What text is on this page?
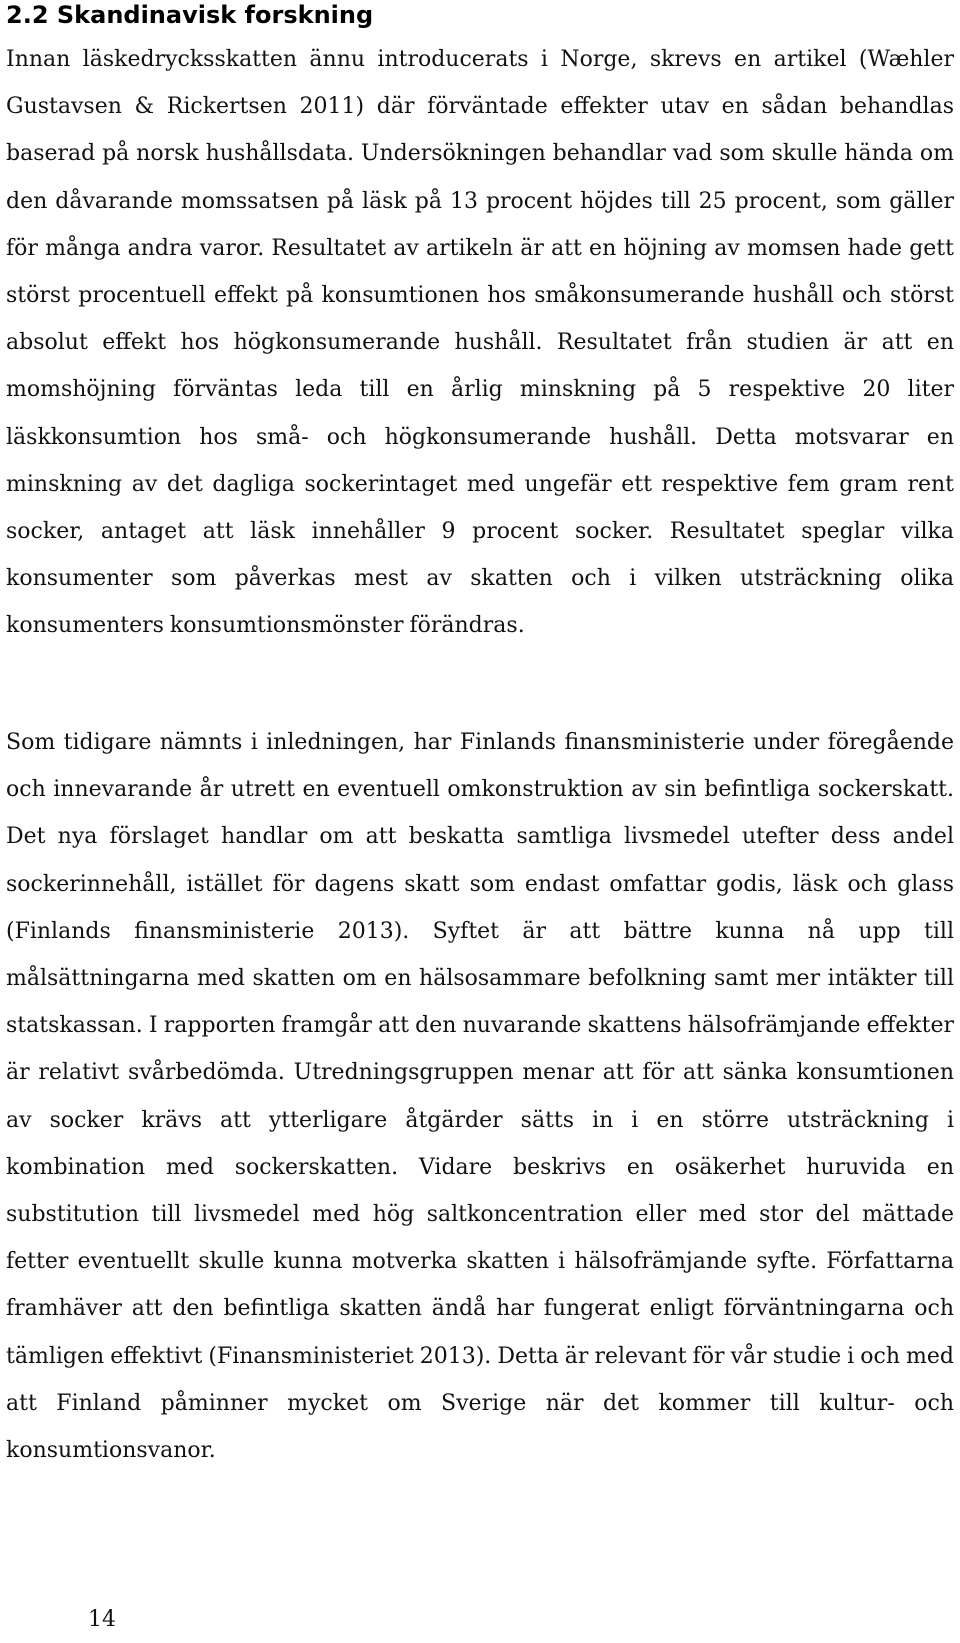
2.2 Skandinavisk forskning

Innan läskedrycksskatten ännu introducerats i Norge, skrevs en artikel (Wæhler Gustavsen & Rickertsen 2011) där förväntade effekter utav en sådan behandlas baserad på norsk hushållsdata. Undersökningen behandlar vad som skulle hända om den dåvarande momssatsen på läsk på 13 procent höjdes till 25 procent, som gäller för många andra varor. Resultatet av artikeln är att en höjning av momsen hade gett störst procentuell effekt på konsumtionen hos småkonsumerande hushåll och störst absolut effekt hos högkonsumerande hushåll. Resultatet från studien är att en momshöjning förväntas leda till en årlig minskning på 5 respektive 20 liter läskkonsumtion hos små- och högkonsumerande hushåll. Detta motsvarar en minskning av det dagliga sockerintaget med ungefär ett respektive fem gram rent socker, antaget att läsk innehåller 9 procent socker. Resultatet speglar vilka konsumenter som påverkas mest av skatten och i vilken utsträckning olika konsumenters konsumtionsmönster förändras.

Som tidigare nämnts i inledningen, har Finlands finansministerie under föregående och innevarande år utrett en eventuell omkonstruktion av sin befintliga sockerskatt. Det nya förslaget handlar om att beskatta samtliga livsmedel utefter dess andel sockerinnehåll, istället för dagens skatt som endast omfattar godis, läsk och glass (Finlands finansministerie 2013). Syftet är att bättre kunna nå upp till målsättningarna med skatten om en hälsosammare befolkning samt mer intäkter till statskassan. I rapporten framgår att den nuvarande skattens hälsofrämjande effekter är relativt svårbedömda. Utredningsgruppen menar att för att sänka konsumtionen av socker krävs att ytterligare åtgärder sätts in i en större utsträckning i kombination med sockerskatten. Vidare beskrivs en osäkerhet huruvida en substitution till livsmedel med hög saltkoncentration eller med stor del mättade fetter eventuellt skulle kunna motverka skatten i hälsofrämjande syfte. Författarna framhäver att den befintliga skatten ändå har fungerat enligt förväntningarna och tämligen effektivt (Finansministeriet 2013). Detta är relevant för vår studie i och med att Finland påminner mycket om Sverige när det kommer till kultur- och konsumtionsvanor.

14
